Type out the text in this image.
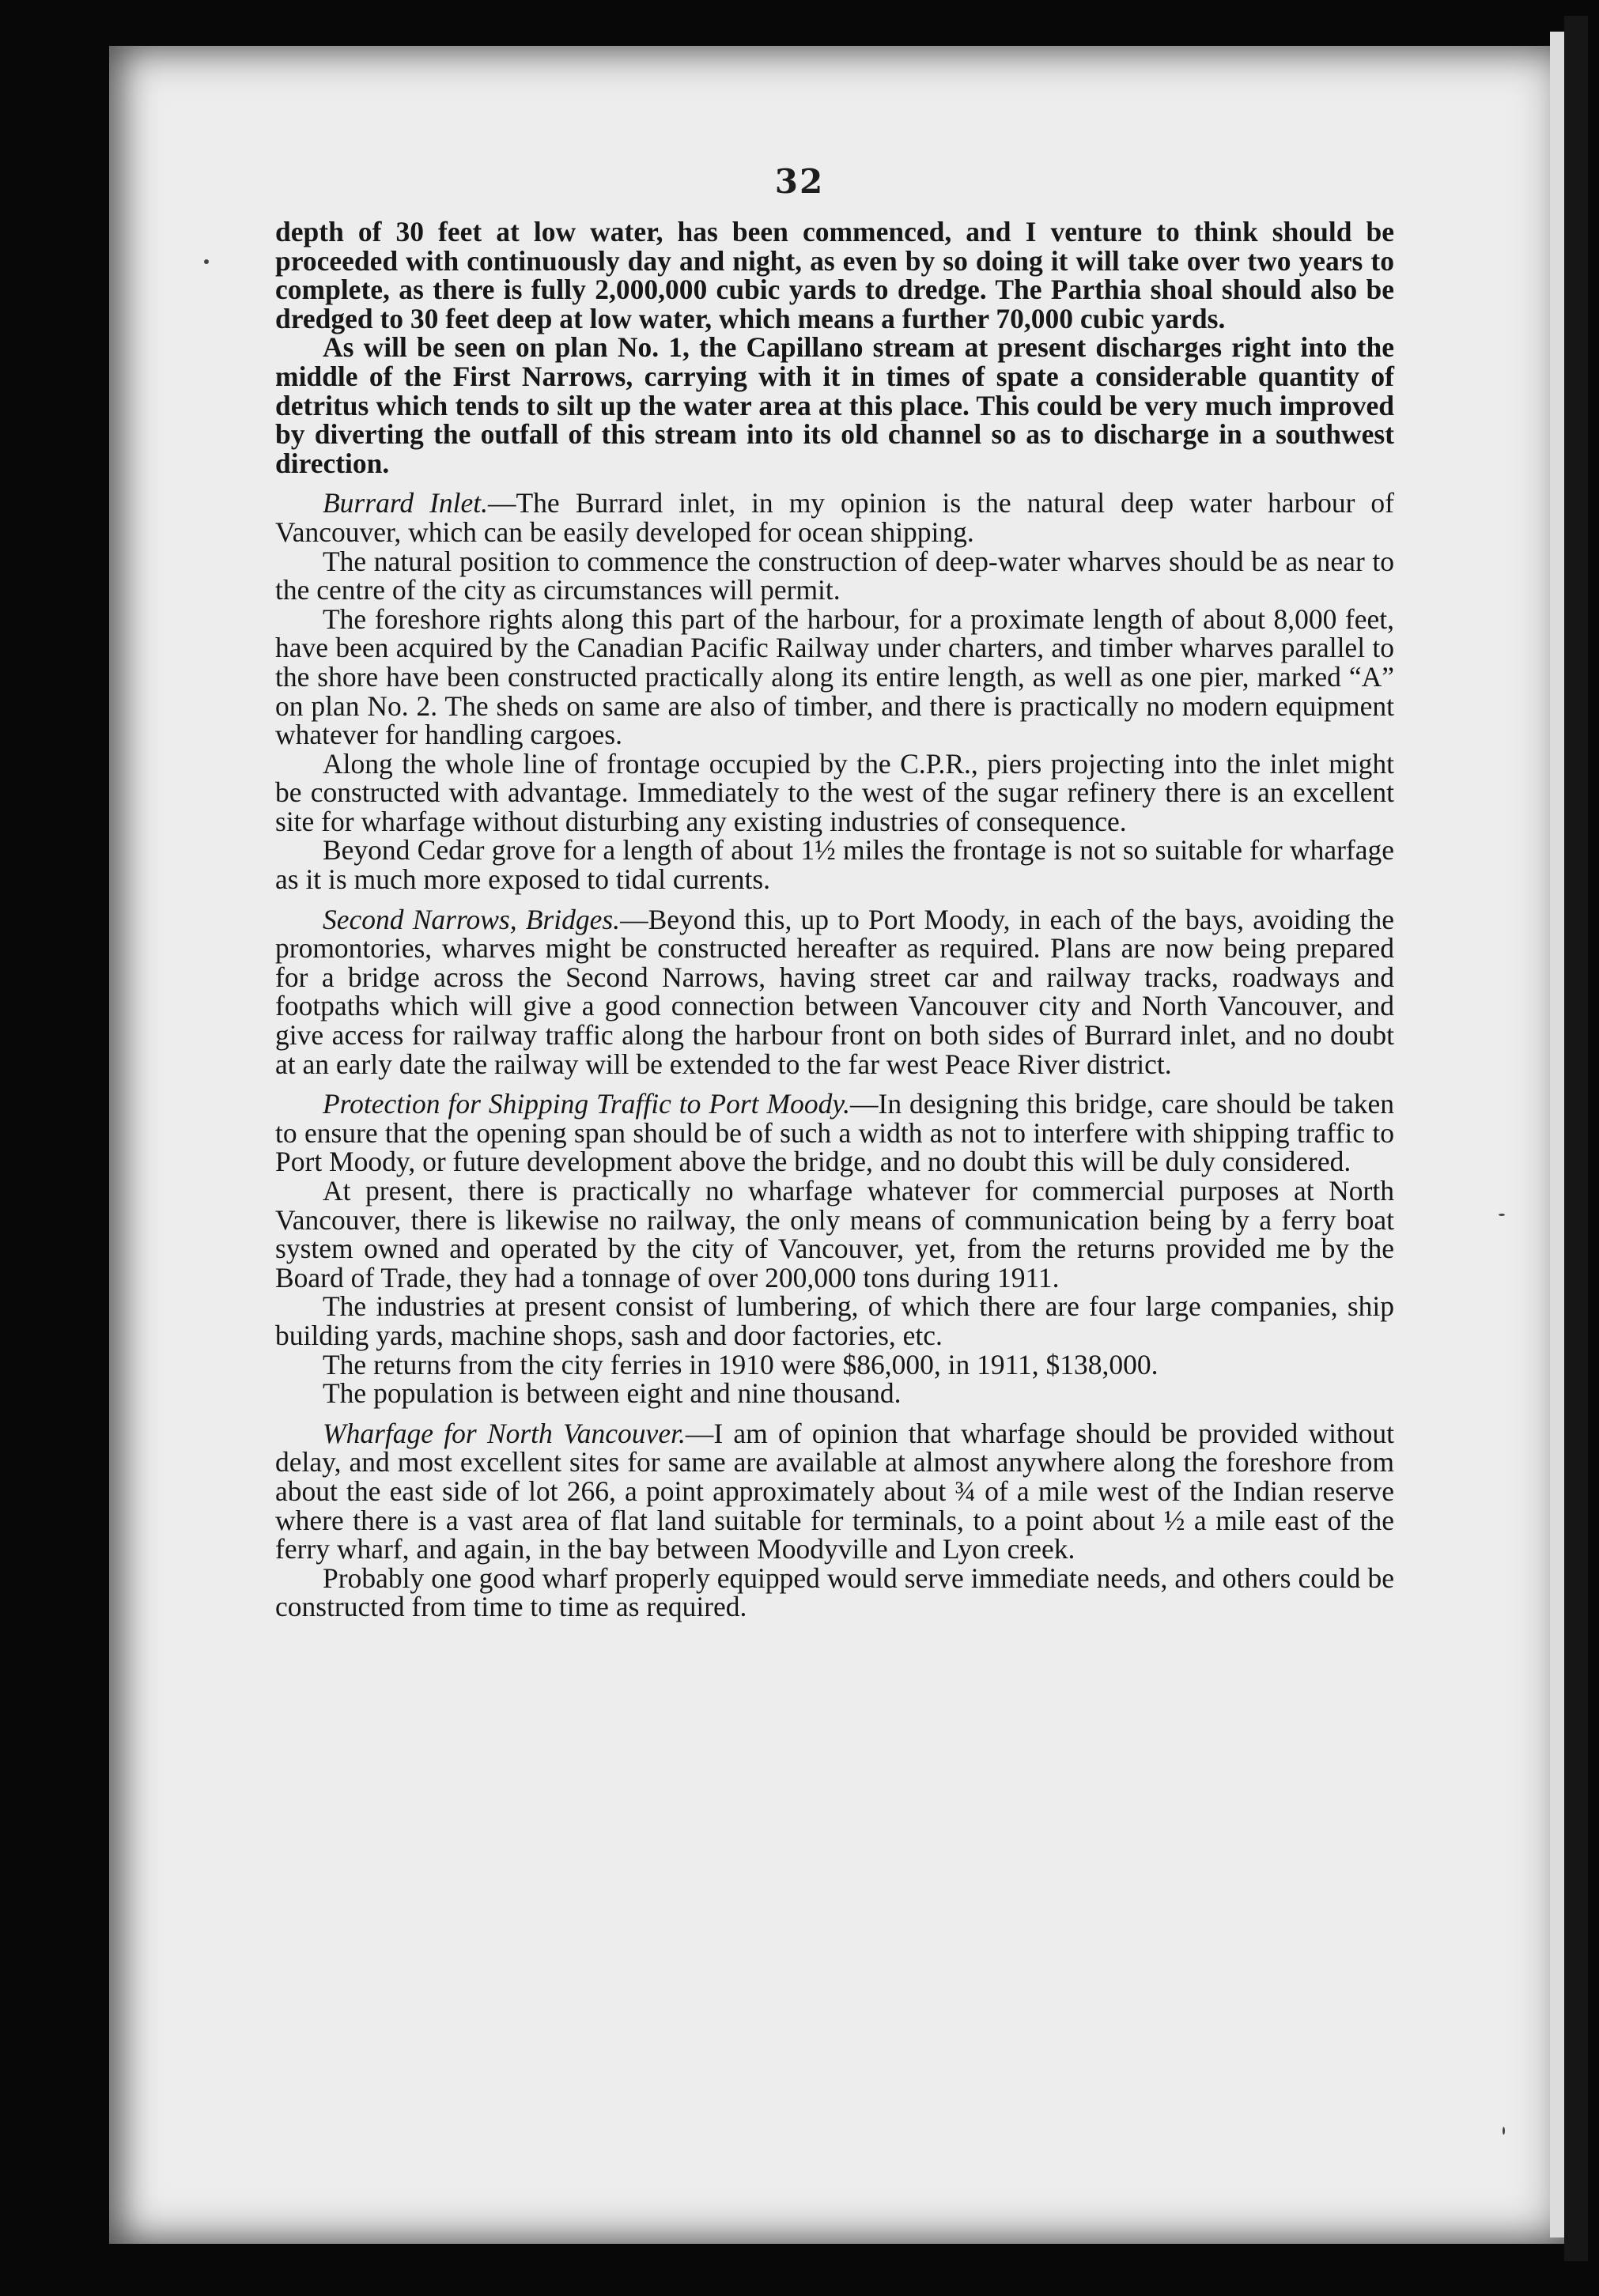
32

depth of 30 feet at low water, has been commenced, and I venture to think should be proceeded with continuously day and night, as even by so doing it will take over two years to complete, as there is fully 2,000,000 cubic yards to dredge. The Parthia shoal should also be dredged to 30 feet deep at low water, which means a further 70,000 cubic yards.

As will be seen on plan No. 1, the Capillano stream at present discharges right into the middle of the First Narrows, carrying with it in times of spate a considerable quantity of detritus which tends to silt up the water area at this place. This could be very much improved by diverting the outfall of this stream into its old channel so as to discharge in a southwest direction.

Burrard Inlet.—The Burrard inlet, in my opinion is the natural deep water harbour of Vancouver, which can be easily developed for ocean shipping.

The natural position to commence the construction of deep-water wharves should be as near to the centre of the city as circumstances will permit.

The foreshore rights along this part of the harbour, for a proximate length of about 8,000 feet, have been acquired by the Canadian Pacific Railway under charters, and timber wharves parallel to the shore have been constructed practically along its entire length, as well as one pier, marked “A” on plan No. 2. The sheds on same are also of timber, and there is practically no modern equipment whatever for handling cargoes.

Along the whole line of frontage occupied by the C.P.R., piers projecting into the inlet might be constructed with advantage. Immediately to the west of the sugar refinery there is an excellent site for wharfage without disturbing any existing industries of consequence.

Beyond Cedar grove for a length of about 1½ miles the frontage is not so suitable for wharfage as it is much more exposed to tidal currents.

Second Narrows, Bridges.—Beyond this, up to Port Moody, in each of the bays, avoiding the promontories, wharves might be constructed hereafter as required. Plans are now being prepared for a bridge across the Second Narrows, having street car and railway tracks, roadways and footpaths which will give a good connection between Vancouver city and North Vancouver, and give access for railway traffic along the harbour front on both sides of Burrard inlet, and no doubt at an early date the railway will be extended to the far west Peace River district.

Protection for Shipping Traffic to Port Moody.—In designing this bridge, care should be taken to ensure that the opening span should be of such a width as not to interfere with shipping traffic to Port Moody, or future development above the bridge, and no doubt this will be duly considered.

At present, there is practically no wharfage whatever for commercial purposes at North Vancouver, there is likewise no railway, the only means of communication being by a ferry boat system owned and operated by the city of Vancouver, yet, from the returns provided me by the Board of Trade, they had a tonnage of over 200,000 tons during 1911.

The industries at present consist of lumbering, of which there are four large companies, ship building yards, machine shops, sash and door factories, etc.

The returns from the city ferries in 1910 were $86,000, in 1911, $138,000.

The population is between eight and nine thousand.

Wharfage for North Vancouver.—I am of opinion that wharfage should be provided without delay, and most excellent sites for same are available at almost anywhere along the foreshore from about the east side of lot 266, a point approximately about ¾ of a mile west of the Indian reserve where there is a vast area of flat land suitable for terminals, to a point about ½ a mile east of the ferry wharf, and again, in the bay between Moodyville and Lyon creek.

Probably one good wharf properly equipped would serve immediate needs, and others could be constructed from time to time as required.
